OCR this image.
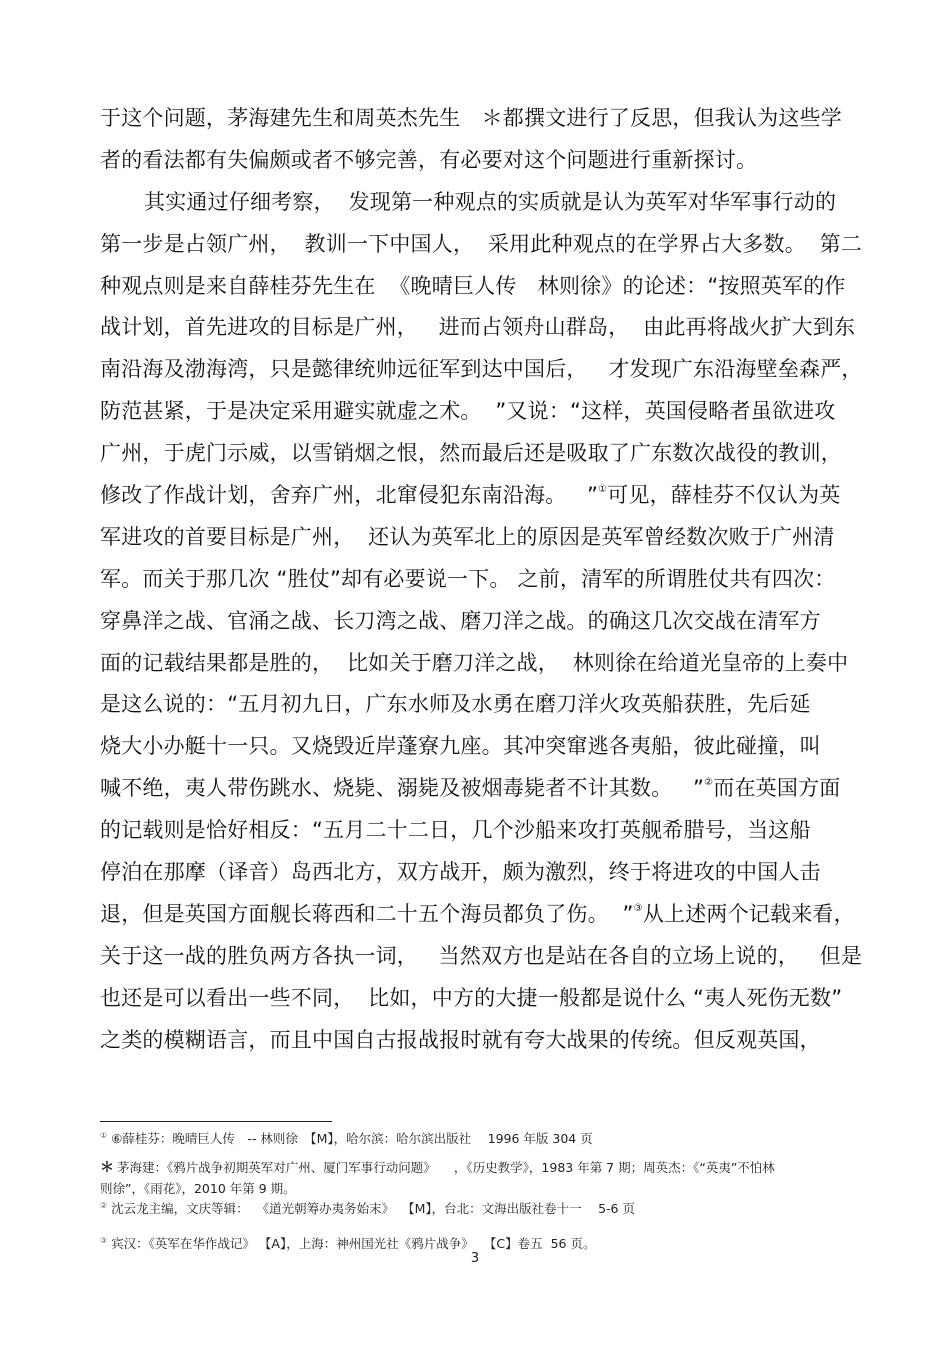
于这个问题，茅海建先生和周英杰先生　＊都撰文进行了反思，但我认为这些学
者的看法都有失偏颇或者不够完善，有必要对这个问题进行重新探讨。
其实通过仔细考察，  发现第一种观点的实质就是认为英军对华军事行动的
第一步是占领广州，  教训一下中国人，  采用此种观点的在学界占大多数。  第二
种观点则是来自薛桂芬先生在  《晚晴巨人传　林则徐》的论述：“按照英军的作
战计划，首先进攻的目标是广州，   进而占领舟山群岛，  由此再将战火扩大到东
南沿海及渤海湾，只是懿律统帅远征军到达中国后，   才发现广东沿海壁垒森严，
防范甚紧，于是决定采用避实就虚之术。  ”又说：“这样，英国侵略者虽欲进攻
广州，于虎门示威，以雪销烟之恨，然而最后还是吸取了广东数次战役的教训，
修改了作战计划，舍弃广州，北窜侵犯东南沿海。   ”①可见，薛桂芬不仅认为英
军进攻的首要目标是广州，  还认为英军北上的原因是英军曾经数次败于广州清
军。而关于那几次 “胜仗”却有必要说一下。 之前，清军的所谓胜仗共有四次：
穿鼻洋之战、官涌之战、长刀湾之战、磨刀洋之战。的确这几次交战在清军方
面的记载结果都是胜的，  比如关于磨刀洋之战，  林则徐在给道光皇帝的上奏中
是这么说的：“五月初九日，广东水师及水勇在磨刀洋火攻英船获胜，先后延
烧大小办艇十一只。又烧毁近岸蓬寮九座。其冲突窜逃各夷船，彼此碰撞，叫
喊不绝，夷人带伤跳水、烧毙、溺毙及被烟毒毙者不计其数。   ”②而在英国方面
的记载则是恰好相反：“五月二十二日，几个沙船来攻打英舰希腊号，当这船
停泊在那摩（译音）岛西北方，双方战开，颇为激烈，终于将进攻的中国人击
退，但是英国方面舰长蒋西和二十五个海员都负了伤。  ”③从上述两个记载来看，
关于这一战的胜负两方各执一词，   当然双方也是站在各自的立场上说的，   但是
也还是可以看出一些不同，  比如，中方的大捷一般都是说什么 “夷人死伤无数”
之类的模糊语言，而且中国自古报战报时就有夸大战果的传统。但反观英国，
① ⑥薛桂芬：晚晴巨人传　-- 林则徐　【M】，哈尔滨：哈尔滨出版社　 1996 年版 304 页
＊ 茅海建：《鸦片战争初期英军对广州、厦门军事行动问题》　   ，《历史教学》，1983 年第 7 期；周英杰：《“英夷”不怕林
则徐”，《雨花》，2010 年第 9 期。
② 沈云龙主编，文庆等辑：  《道光朝筹办夷务始末》  【M】，台北：文海出版社卷十一　 5-6 页
③ 宾汉：《英军在华作战记》 【A】，上海：神州国光社《鸦片战争》　 【C】卷五  56 页。
3
